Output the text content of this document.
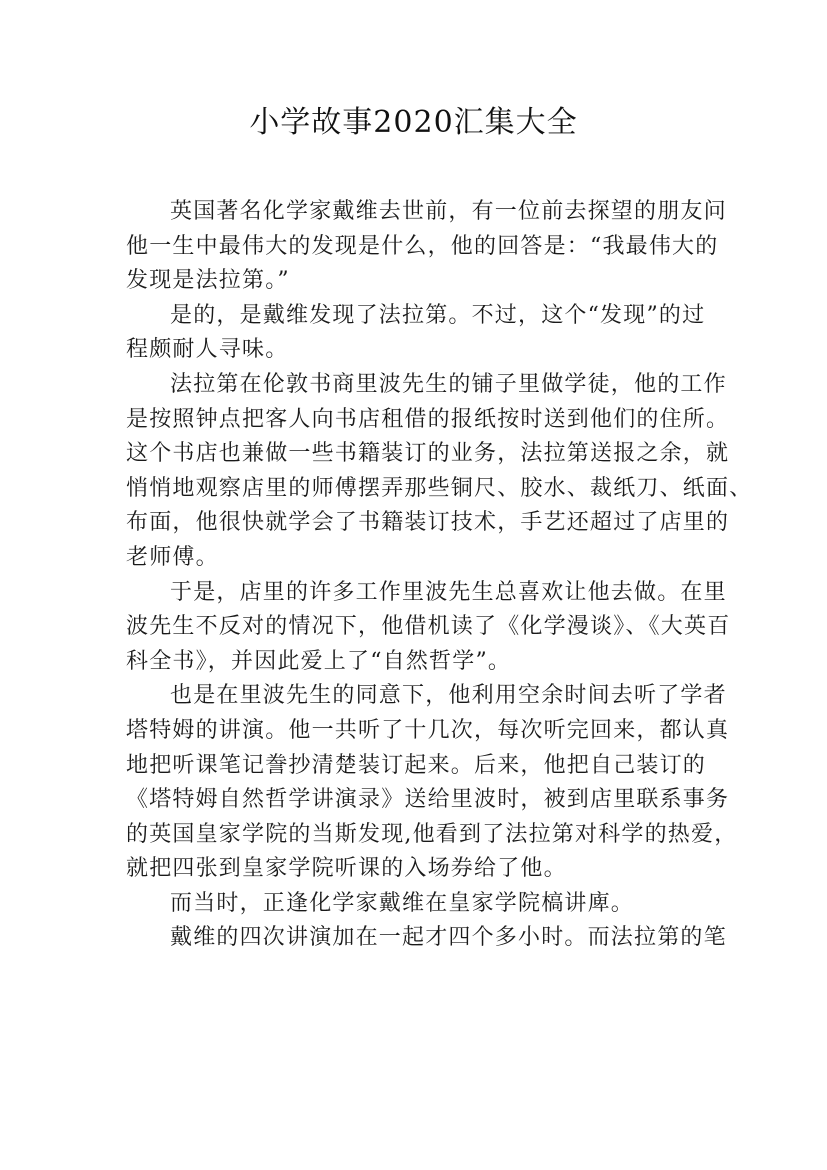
小学故事2020汇集大全
英国著名化学家戴维去世前，有一位前去探望的朋友问
他一生中最伟大的发现是什么，他的回答是：“我最伟大的
发现是法拉第。”
是的，是戴维发现了法拉第。不过，这个“发现”的过
程颇耐人寻味。
法拉第在伦敦书商里波先生的铺子里做学徒，他的工作
是按照钟点把客人向书店租借的报纸按时送到他们的住所。
这个书店也兼做一些书籍装订的业务，法拉第送报之余，就
悄悄地观察店里的师傅摆弄那些铜尺、胶水、裁纸刀、纸面、
布面，他很快就学会了书籍装订技术，手艺还超过了店里的
老师傅。
于是，店里的许多工作里波先生总喜欢让他去做。在里
波先生不反对的情况下，他借机读了《化学漫谈》、《大英百
科全书》，并因此爱上了“自然哲学”。
也是在里波先生的同意下，他利用空余时间去听了学者
塔特姆的讲演。他一共听了十几次，每次听完回来，都认真
地把听课笔记誊抄清楚装订起来。后来，他把自己装订的
《塔特姆自然哲学讲演录》送给里波时，被到店里联系事务
的英国皇家学院的当斯发现,他看到了法拉第对科学的热爱，
就把四张到皇家学院听课的入场券给了他。
而当时，正逢化学家戴维在皇家学院槁讲庳。
戴维的四次讲演加在一起才四个多小时。而法拉第的笔
